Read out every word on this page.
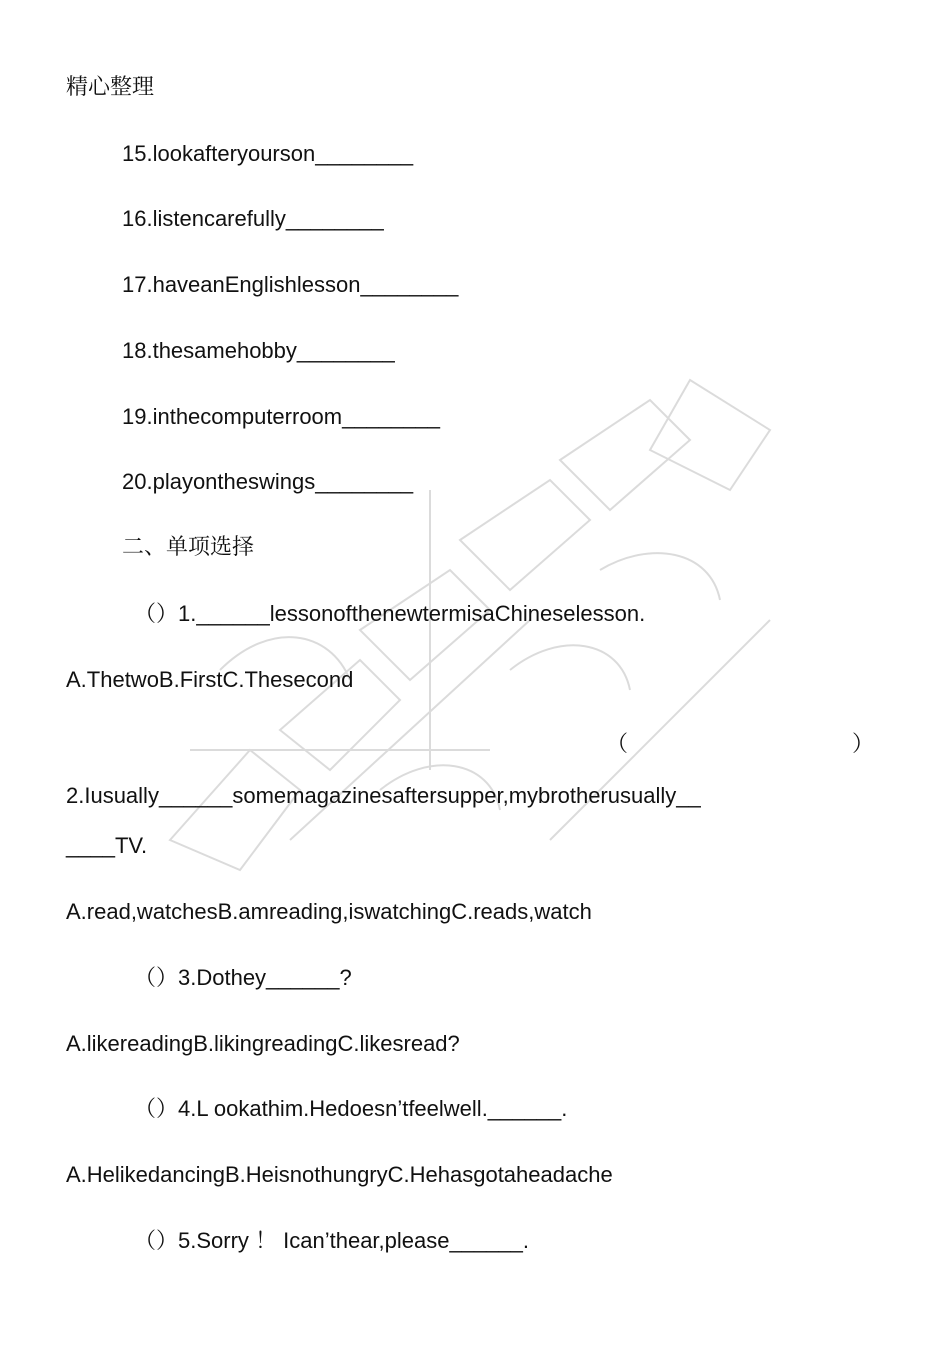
精心整理
15.lookafteryourson________
16.listencarefully________
17.haveanEnglishlesson________
18.thesamehobby________
19.inthecomputerroom________
20.playontheswings________
二、单项选择
（）1.______lessonofthenewtermisaChineselesson.
A.ThetwoB.FirstC.Thesecond
（	）
2.Iusually______somemagazinesaftersupper,mybrotherusually__
____TV.
A.read,watchesB.amreading,iswatchingC.reads,watch
（）3.Dothey______?
A.likereadingB.likingreadingC.likesread?
（）4.L ookathim.Hedoesn’tfeelwell.______.
A.HelikedancingB.HeisnothungryC.Hehasgotaheadache
（）5.Sorry ！ Ican’thear,please______.
